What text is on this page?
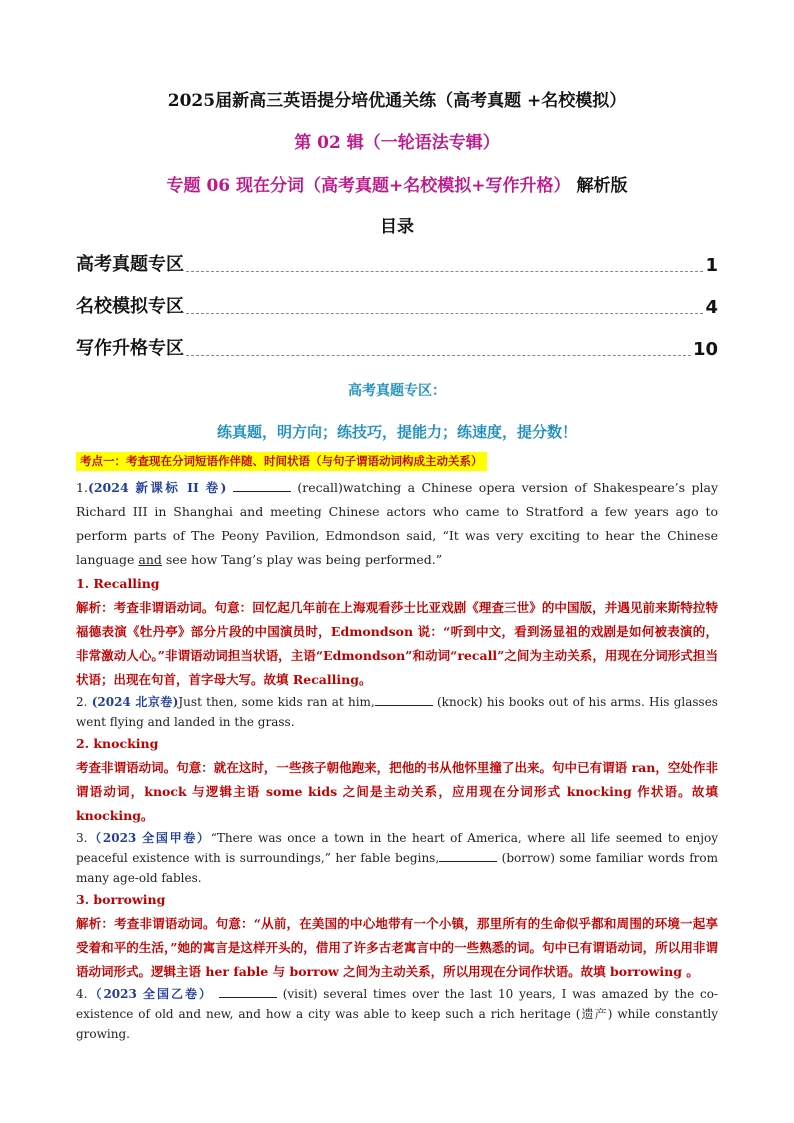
2025届新高三英语提分培优通关练（高考真题 +名校模拟）
第 02 辑（一轮语法专辑）
专题 06 现在分词（高考真题+名校模拟+写作升格） 解析版
目录
高考真题专区	1
名校模拟专区	4
写作升格专区	10
高考真题专区：
练真题，明方向；练技巧，提能力；练速度，提分数！
考点一：考查现在分词短语作伴随、时间状语（与句子谓语动词构成主动关系）

1.(2024 新课标 II 卷)	(recall)watching a Chinese opera version of Shakespeare’s play Richard III in Shanghai and meeting Chinese actors who came to Stratford a few years ago to perform parts of The Peony Pavilion, Edmondson said, “It was very exciting to hear the Chinese language and see how Tang’s play was being performed.”

1. Recalling

解析：考查非谓语动词。句意：回忆起几年前在上海观看莎士比亚戏剧《理查三世》的中国版，并遇见前来斯特拉特福德表演《牡丹亭》部分片段的中国演员时，Edmondson 说：“听到中文，看到汤显祖的戏剧是如何被表演的，非常激动人心。”非谓语动词担当状语，主语“Edmondson”和动词“recall”之间为主动关系，用现在分词形式担当状语；出现在句首，首字母大写。故填 Recalling。

2. (2024 北京卷)Just then, some kids ran at him,	(knock) his books out of his arms. His glasses went flying and landed in the grass.

2. knocking

考查非谓语动词。句意：就在这时，一些孩子朝他跑来，把他的书从他怀里撞了出来。句中已有谓语 ran，空处作非谓语动词，knock 与逻辑主语 some kids 之间是主动关系，应用现在分词形式 knocking 作状语。故填 knocking。

3.（2023 全国甲卷）“There was once a town in the heart of America, where all life seemed to enjoy peaceful existence with is surroundings,” her fable begins,	(borrow) some familiar words from many age-old fables.

3. borrowing

解析：考查非谓语动词。句意：“从前，在美国的中心地带有一个小镇，那里所有的生命似乎都和周围的环境一起享受着和平的生活，”她的寓言是这样开头的，借用了许多古老寓言中的一些熟悉的词。句中已有谓语动词，所以用非谓语动词形式。逻辑主语 her fable 与 borrow 之间为主动关系，所以用现在分词作状语。故填 borrowing 。

4.（2023 全国乙卷）	(visit) several times over the last 10 years, I was amazed by the co-existence of old and new, and how a city was able to keep such a rich heritage (遗产) while constantly growing.
